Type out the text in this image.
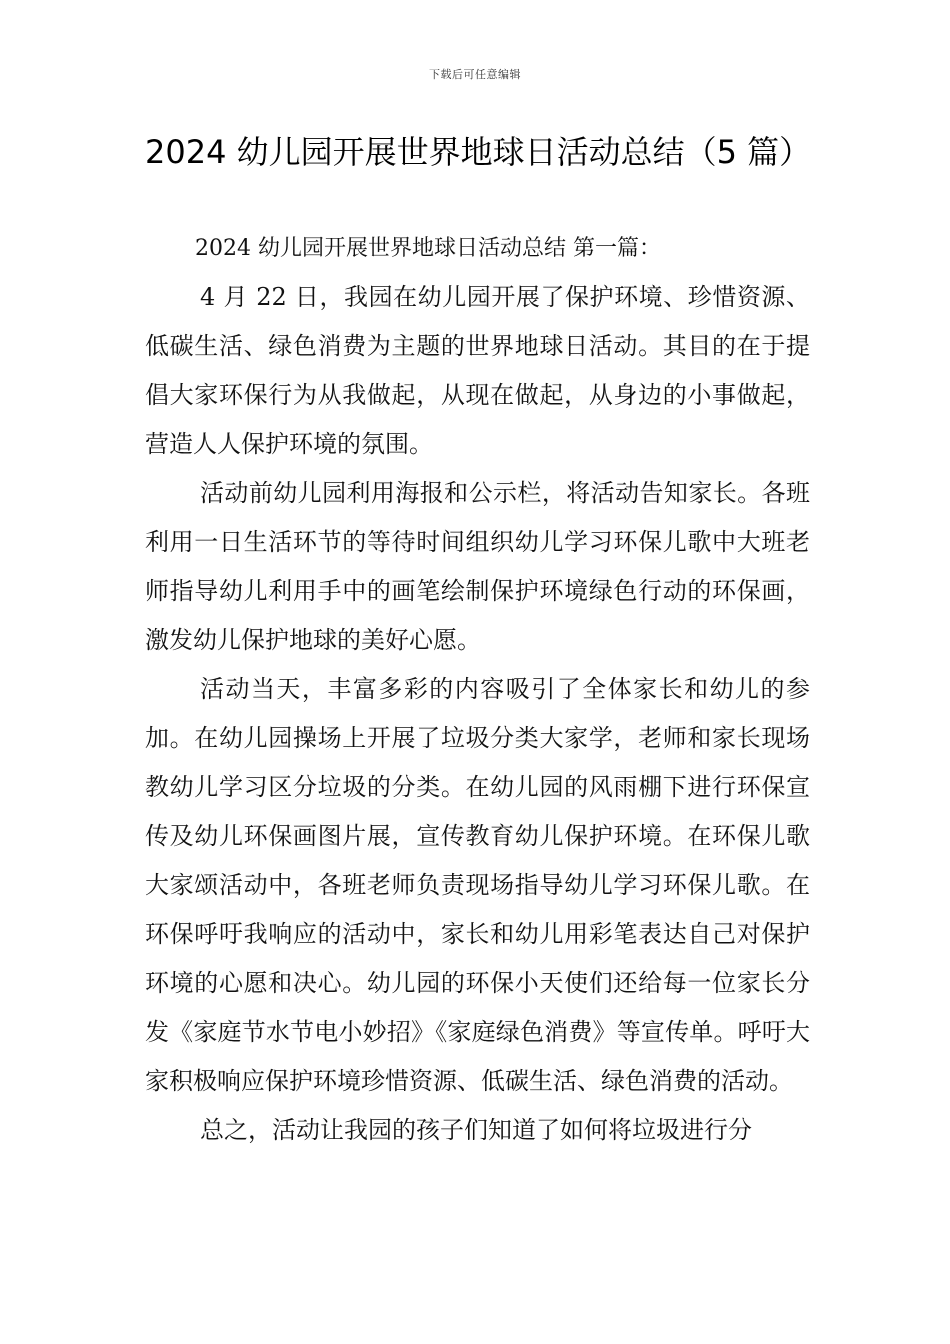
下载后可任意编辑
2024 幼儿园开展世界地球日活动总结（5 篇）

2024 幼儿园开展世界地球日活动总结 第一篇：

4 月 22 日，我园在幼儿园开展了保护环境、珍惜资源、低碳生活、绿色消费为主题的世界地球日活动。其目的在于提倡大家环保行为从我做起，从现在做起，从身边的小事做起，营造人人保护环境的氛围。

活动前幼儿园利用海报和公示栏，将活动告知家长。各班利用一日生活环节的等待时间组织幼儿学习环保儿歌中大班老师指导幼儿利用手中的画笔绘制保护环境绿色行动的环保画，激发幼儿保护地球的美好心愿。

活动当天，丰富多彩的内容吸引了全体家长和幼儿的参加。在幼儿园操场上开展了垃圾分类大家学，老师和家长现场教幼儿学习区分垃圾的分类。在幼儿园的风雨棚下进行环保宣传及幼儿环保画图片展，宣传教育幼儿保护环境。在环保儿歌大家颂活动中，各班老师负责现场指导幼儿学习环保儿歌。在环保呼吁我响应的活动中，家长和幼儿用彩笔表达自己对保护环境的心愿和决心。幼儿园的环保小天使们还给每一位家长分发《家庭节水节电小妙招》《家庭绿色消费》等宣传单。呼吁大家积极响应保护环境珍惜资源、低碳生活、绿色消费的活动。

总之，活动让我园的孩子们知道了如何将垃圾进行分
